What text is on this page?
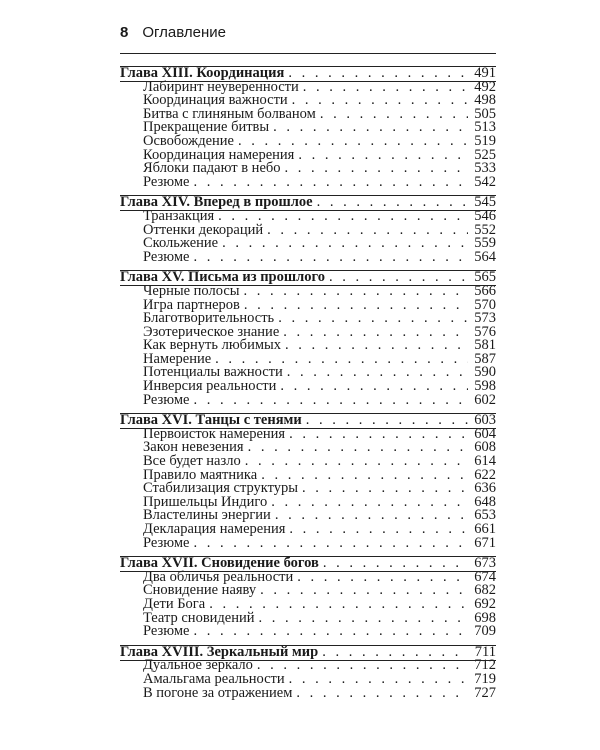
8 Оглавление
Глава XIII. Координация . . .	491
Лабиринт неуверенности . . .	492
Координация важности . . .	498
Битва с глиняным болваном . . .	505
Прекращение битвы . . .	513
Освобождение . . .	519
Координация намерения . . .	525
Яблоки падают в небо . . .	533
Резюме . . .	542
Глава XIV. Вперед в прошлое . . .	545
Транзакция . . .	546
Оттенки декораций . . .	552
Скольжение . . .	559
Резюме . . .	564
Глава XV. Письма из прошлого . . .	565
Черные полосы . . .	566
Игра партнеров . . .	570
Благотворительность . . .	573
Эзотерическое знание . . .	576
Как вернуть любимых . . .	581
Намерение . . .	587
Потенциалы важности . . .	590
Инверсия реальности . . .	598
Резюме . . .	602
Глава XVI. Танцы с тенями . . .	603
Первоисток намерения . . .	604
Закон невезения . . .	608
Все будет назло . . .	614
Правило маятника . . .	622
Стабилизация структуры . . .	636
Пришельцы Индиго . . .	648
Властелины энергии . . .	653
Декларация намерения . . .	661
Резюме . . .	671
Глава XVII. Сновидение богов . . .	673
Два обличья реальности . . .	674
Сновидение наяву . . .	682
Дети Бога . . .	692
Театр сновидений . . .	698
Резюме . . .	709
Глава XVIII. Зеркальный мир . . .	711
Дуальное зеркало . . .	712
Амальгама реальности . . .	719
В погоне за отражением . . .	727
